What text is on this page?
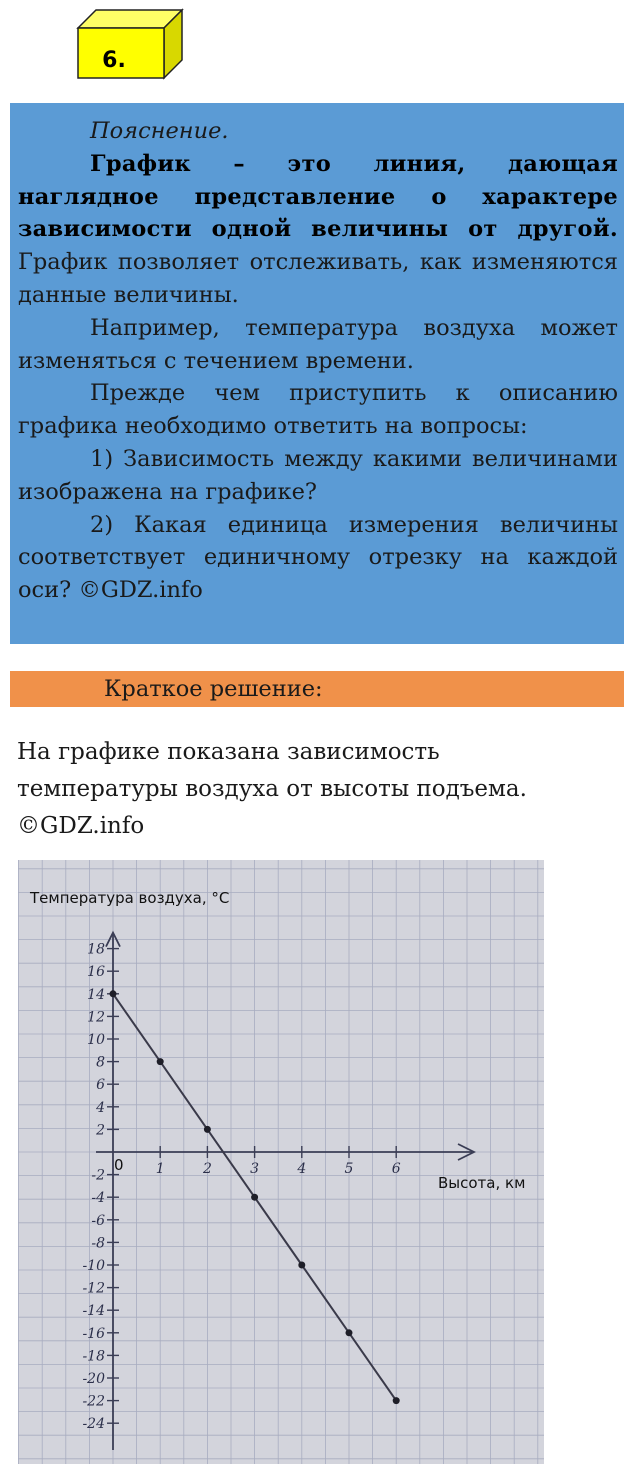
6.

Пояснение.

График – это линия, дающая наглядное представление о характере зависимости одной величины от другой. График позволяет отслеживать, как изменяются данные величины.

Например, температура воздуха может изменяться с течением времени.

Прежде чем приступить к описанию графика необходимо ответить на вопросы:

1) Зависимость между какими величинами изображена на графике?

2) Какая единица измерения величины соответствует единичному отрезку на каждой оси? ©GDZ.info

Краткое решение:

На графике показана зависимость температуры воздуха от высоты подъема. ©GDZ.info

18
16
14
12
10
8
6
4
2
-2
-4
-6
-8
-10
-12
-14
-16
-18
-20
-22
-24
1	2	3	4	5	6
Температура воздуха, °С
Высота, км
0
